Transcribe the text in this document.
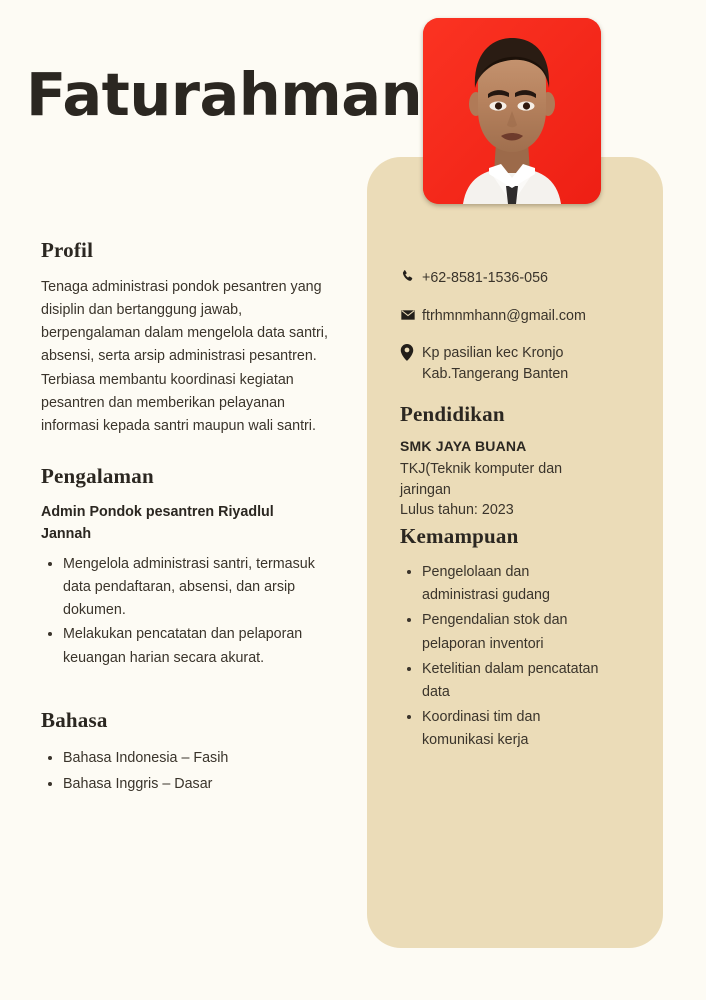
Faturahman
Profil
Tenaga administrasi pondok pesantren yang disiplin dan bertanggung jawab, berpengalaman dalam mengelola data santri, absensi, serta arsip administrasi pesantren. Terbiasa membantu koordinasi kegiatan pesantren dan memberikan pelayanan informasi kepada santri maupun wali santri.
Pengalaman
Admin Pondok pesantren Riyadlul Jannah
Mengelola administrasi santri, termasuk data pendaftaran, absensi, dan arsip dokumen.
Melakukan pencatatan dan pelaporan keuangan harian secara akurat.
Bahasa
Bahasa Indonesia – Fasih
Bahasa Inggris – Dasar
+62-8581-1536-056
ftrhmnmhann@gmail.com
Kp pasilian kec Kronjo Kab.Tangerang Banten
Pendidikan
SMK JAYA BUANA
TKJ(Teknik komputer dan jaringan
Lulus tahun: 2023
Kemampuan
Pengelolaan dan administrasi gudang
Pengendalian stok dan pelaporan inventori
Ketelitian dalam pencatatan data
Koordinasi tim dan komunikasi kerja
